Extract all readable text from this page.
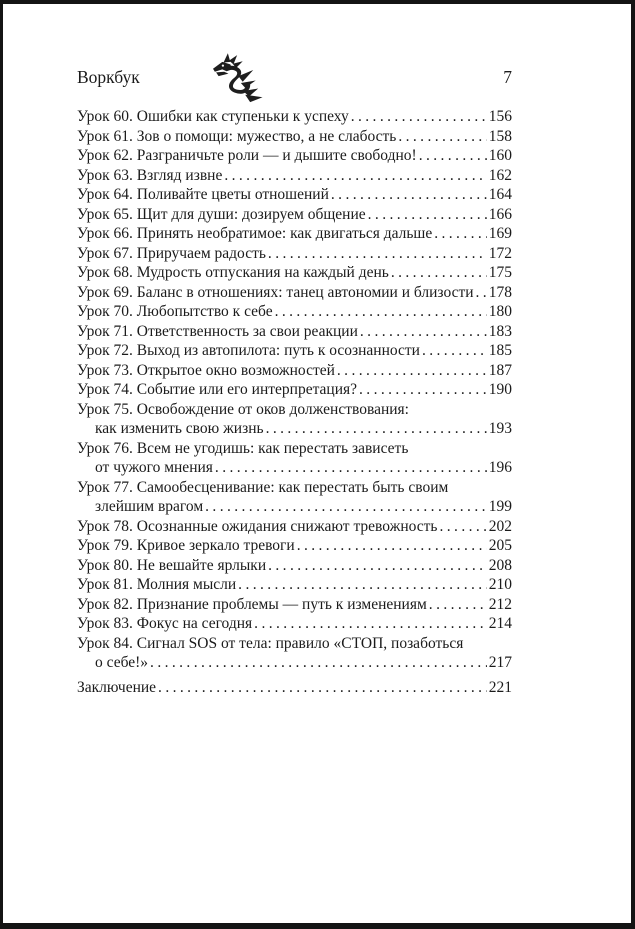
Воркбук	7
Урок 60. Ошибки как ступеньки к успеху .....	156
Урок 61. Зов о помощи: мужество, а не слабость .....	158
Урок 62. Разграничьте роли — и дышите свободно! .....	160
Урок 63. Взгляд извне .....	162
Урок 64. Поливайте цветы отношений .....	164
Урок 65. Щит для души: дозируем общение .....	166
Урок 66. Принять необратимое: как двигаться дальше .....	169
Урок 67. Приручаем радость .....	172
Урок 68. Мудрость отпускания на каждый день .....	175
Урок 69. Баланс в отношениях: танец автономии и близости ..... 178
Урок 70. Любопытство к себе .....	180
Урок 71. Ответственность за свои реакции .....	183
Урок 72. Выход из автопилота: путь к осознанности .....	185
Урок 73. Открытое окно возможностей .....	187
Урок 74. Событие или его интерпретация? .....	190
Урок 75. Освобождение от оков долженствования:
как изменить свою жизнь .....	193
Урок 76. Всем не угодишь: как перестать зависеть
от чужого мнения .....	196
Урок 77. Самообесценивание: как перестать быть своим
злейшим врагом .....	199
Урок 78. Осознанные ожидания снижают тревожность .....	202
Урок 79. Кривое зеркало тревоги .....	205
Урок 80. Не вешайте ярлыки .....	208
Урок 81. Молния мысли .....	210
Урок 82. Признание проблемы — путь к изменениям .....	212
Урок 83. Фокус на сегодня .....	214
Урок 84. Сигнал SOS от тела: правило «СТОП, позаботься
о себе!» .....	217
Заключение .....	221
